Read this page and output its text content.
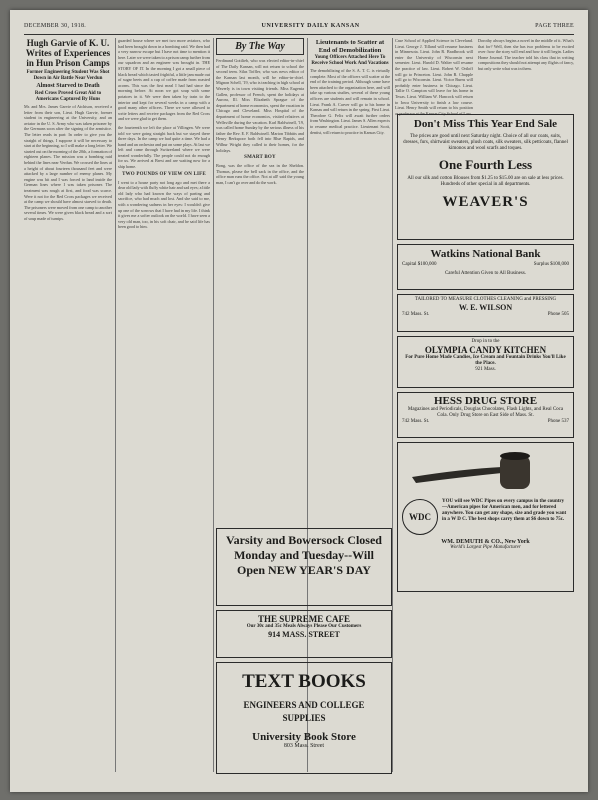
DECEMBER 30, 1918.	UNIVERSITY DAILY KANSAN	PAGE THREE
Hugh Garvie of K. U. Writes of Experiences in Hun Prison Camps
Former Engineering Student Was Shot Down in Air Battle Near Verdun
Almost Starved to Death
Red Cross Proved Great Aid to Americans Captured By Huns
Mr. and Mrs. James Garvie of Atchison, received a letter from their son, Lieut. Hugh Garvie, former student in engineering at the University, and an aviator in the U. S. Army who was taken prisoner by the Germans soon after the signing of the armistice. The letter reads in part: In order to give you the straight of things, I suppose it will be necessary to start at the beginning, so I will make a long letter. We started out on the morning of the 20th, a formation of eighteen planes. The mission was a bombing raid behind the lines near Verdun. We crossed the lines at a height of about fourteen thousand feet and were attacked by a large number of enemy planes. My engine was hit and I was forced to land inside the German lines where I was taken prisoner. The treatment was rough at first, and food was scarce. Were it not for the Red Cross packages we received at the camp we should have almost starved to death. The prisoners were moved from one camp to another several times. We were given black bread and a sort of soup made of turnips.
guarded house where we met two more aviators, who had been brought down in a bombing raid. We then had a very narrow escape but I have not time to mention it here. Later we were taken to a prison camp further from our squadron and an engineer was brought in. THE STORY OF IT. In the morning I got a small piece of black bread which tasted frightful, a little jam made out of sugar beets and a cup of coffee made from roasted acorns. This was the first meal I had had since the morning before. At noon we got soup with some potatoes in it. We were then taken by train to the interior and kept for several weeks in a camp with a good many other officers. There we were allowed to write letters and receive packages from the Red Cross and we were glad to get them.
the fourteenth we left the place at Villingen. We were told we were going straight back but we stayed there three days. In the camp we had quite a time. We had a band and an orchestra and put on some plays. At last we left and came through Switzerland where we were treated wonderfully. The people could not do enough for us. We arrived at Brest and are waiting now for a ship home.
TWO POUNDS OF VIEW ON LIFE
I went to a house party not long ago and met there a dear old lady with fluffy white hair and sad eyes; a little old lady who had known the ways of parting and sacrifice, who had much and lost. And she said to me, with a wondering sadness in her eyes: I wouldn't give up one of the sorrows that I have had in my life. I think it gives me a softer outlook on the world. I have seen a very old man, too, in his soft chair, and he said life has been good to him.
By The Way
Ferdinand Gottlieb, who was elected editor-in-chief of The Daily Kansan, will not return to school the second term. Silas Toffler, who was news editor of the Kansan last month, will be editor-in-chief. Mignon Schell, '19, who is teaching in high school at Waverly is in town visiting friends. Miss Eugenia Gallen, professor of French, spent the holidays at Aurora, Ill. Miss Elizabeth Sprague of the department of home economics, spent the vacation in Chicago and Cleveland. Miss Hospital of the department of home economics, visited relatives at Wellsville during the vacation. Karl Baldwinell, '19, was called home Sunday by the serious illness of his father the Rev. E. F. Baldwinell. Marion Tibbitts and Henry Berkspoor both fell into Blue Rapids, and Wilbur Wright they called to their homes, for the holidays.
SMART BOY
Bong, was the office of the sea in the Sheldon. Thomas, please the bell sack in the office, and the office man runs the office. Not at all! said the young man, I can't go over and do the work.
Lieutenants to Scatter at End of Demobilization
Young Officers Attached Here To Receive School Work And Vacations
The demobilizing of the S. A. T. C. is virtually complete. Most of the officers will scatter at the end of the training period. Although some have been attached to the organization here, and will take up various studies, several of these young officers are students and will remain in school. Lieut. Frank A. Carver will go to his home in Kansas and will return in the spring. First Lieut. Theodore G. Felix will await further orders from Washington. Lieut. James S. Allen expects to resume medical practice. Lieutenant Scott, dentist, will return to practice in Kansas City.
Case School of Applied Science in Cleveland. Lieut. George J. Tilland will resume business in Minnesota. Lieut. John R. Bradbrook will enter the University of Wisconsin next semester. Lieut. Harold D. Walter will resume the practice of law. Lieut. Robert W. Ortloff will go to Princeton. Lieut. John R. Chapple will go to Wisconsin. Lieut. Victor Burns will probably enter business in Chicago. Lieut. Tallie O. Campton will leave for his home in Texas. Lieut. William W. Hancock will return to Iowa University to finish a law course. Lieut. Henry Smith will return to his position as professor at the Kansas City School of Law.
Dorothy always begins a novel in the middle of it. What's that for? Well, then she has two problems to be excited over: how the story will end and how it will begin. Ladies Home Journal. The teacher told his class that in writing compositions they should not attempt any flights of fancy, but only write what was in them.
Don't Miss This Year End Sale
The prices are good until next Saturday night. Choice of all our coats, suits, dresses, furs, shirtwaist sweaters, plush coats, silk sweaters, silk petticoats, flannel kimonos and wool scarfs and toques.
One Fourth Less
All our silk and cotton Blouses from $1.25 to $15.00 are on sale at less prices. Hundreds of other special in all departments.
WEAVER'S
Watkins National Bank
Capital $100,000	Surplus $100,000
Careful Attention Given to All Business.
TAILORED TO MEASURE CLOTHES CLEANING and PRESSING
W. E. WILSON
742 Mass. St.	Phone 505
Drop in to the
OLYMPIA CANDY KITCHEN
For Pure Home Made Candies, Ice Cream and Fountain Drinks You'll Like the Place.
921 Mass.
HESS DRUG STORE
Magazines and Periodicals, Douglas Chocolates, Flash Lights, and Real Coca Cola. Only Drug Store on East Side of Mass. St.
742 Mass. St.	Phone 537
WDC
YOU will see WDC Pipes on every campus in the country—American pipes for American men, and for lettered anywhere. You can get any shape, size and grade you want in a W D C. The best shops carry them at $6 down to 75c.
WM. DEMUTH & CO., New York
World's Largest Pipe Manufacturer
Varsity and Bowersock Closed Monday and Tuesday--Will Open NEW YEAR'S DAY
THE SUPREME CAFE
Our 30c and 35c Meals Always Please Our Customers
914 MASS. STREET
TEXT BOOKS
ENGINEERS AND COLLEGE SUPPLIES
University Book Store
803 Mass. Street
